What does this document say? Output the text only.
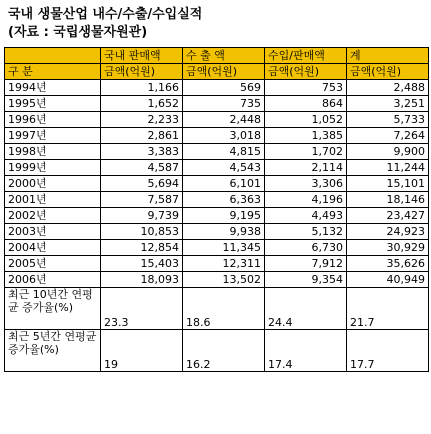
국내 생물산업 내수/수출/수입실적
(자료 : 국립생물자원관)
	국내 판매액	수 출 액	수입/판매액	계
구 분	금액(억원)	금액(억원)	금액(억원)	금액(억원)
1994년	1,166	569	753	2,488
1995년	1,652	735	864	3,251
1996년	2,233	2,448	1,052	5,733
1997년	2,861	3,018	1,385	7,264
1998년	3,383	4,815	1,702	9,900
1999년	4,587	4,543	2,114	11,244
2000년	5,694	6,101	3,306	15,101
2001년	7,587	6,363	4,196	18,146
2002년	9,739	9,195	4,493	23,427
2003년	10,853	9,938	5,132	24,923
2004년	12,854	11,345	6,730	30,929
2005년	15,403	12,311	7,912	35,626
2006년	18,093	13,502	9,354	40,949
최근 10년간 연평균 증가율(%)	23.3	18.6	24.4	21.7
최근 5년간 연평균 증가율(%)	19	16.2	17.4	17.7
